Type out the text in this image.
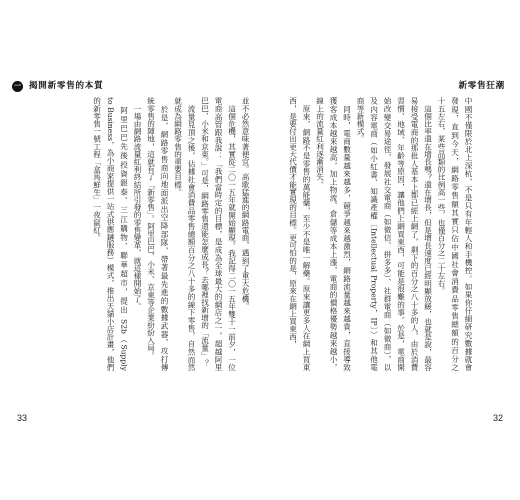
一 揭開新零售的本質
並不必然意味著便宜。高歌猛進的網路電商，遇到了重大危機。
　這個危機，其實從二〇一五年就開始顯現。我記得二〇一五年雙十一前夕，一位
電商高管跟我說：「我們當時定的目標，是成為全球最大的網店之一，超越阿里
巴巴、小米和京東。」可是，網路零售還能怎麼成長？去哪裡找新增的「流量」？
　流量見頂之後，佔據社會消費品零售總額百分之八十多的線下零售，自然而然
就成為網路零售的重要目標。
　於是，網路零售商向地面派出空降部隊，帶著最先進的數據武器，攻打傳
統零售的陣地，這就有了「新零售」。阿里巴巴、小米、京東等企業紛紛入局。
　一場由網路流量紅利終結所引發的零售變革，就這樣開始了。
　阿里巴巴先後投資銀泰、三江購物、聯華超市，提出 S2b（Supply
to Business，為小商家提供一站式供應鏈服務）模式，推出天貓小店計畫，他們
的新零售一號工程「盒馬鮮生」一夜竄紅。
33
新零售狂潮
中國不僅限於北上深杭，不是只有年輕人和手機控。如果你仔細研究數據就會
發現，直到今天，網路零售額其實只佔中國社會消費品零售總額的百分之
十五左右，某些品類的比例高一些，也僅百分之二十左右。
　這個比率還在增長嗎？還在增長，但是增長速度已經明顯放緩，也就是說，最容
易接受電商的那批人基本上都已經上網了，剩下的百分之八十多的人，由於消費
習慣、地域、年齡等原因，讓他們上網買東西，可能是很難的事。於是，電商開
始改變交易途徑，發展社交電商（如微信、拼多多）、社群電商（如微商），以
及內容電商（如小紅書、知識產權〔Intellectual Property，IP〕）和其他電
商等新模式。
　同時，電商數量越來越多，競爭越來越激烈，網路流量越來越貴，直接導致
獲客成本越來越高，加上物流、倉儲等成本上漲，電商的價格優勢越來越小，
線上的流量紅利逐漸消失。
　原來，網路不是零售的萬能藥，至少不是唯一解藥。原來讓更多人在網上買東
西，是要付出更大代價才能實現的目標。更可怕的是，原來在網上買東西，
32
